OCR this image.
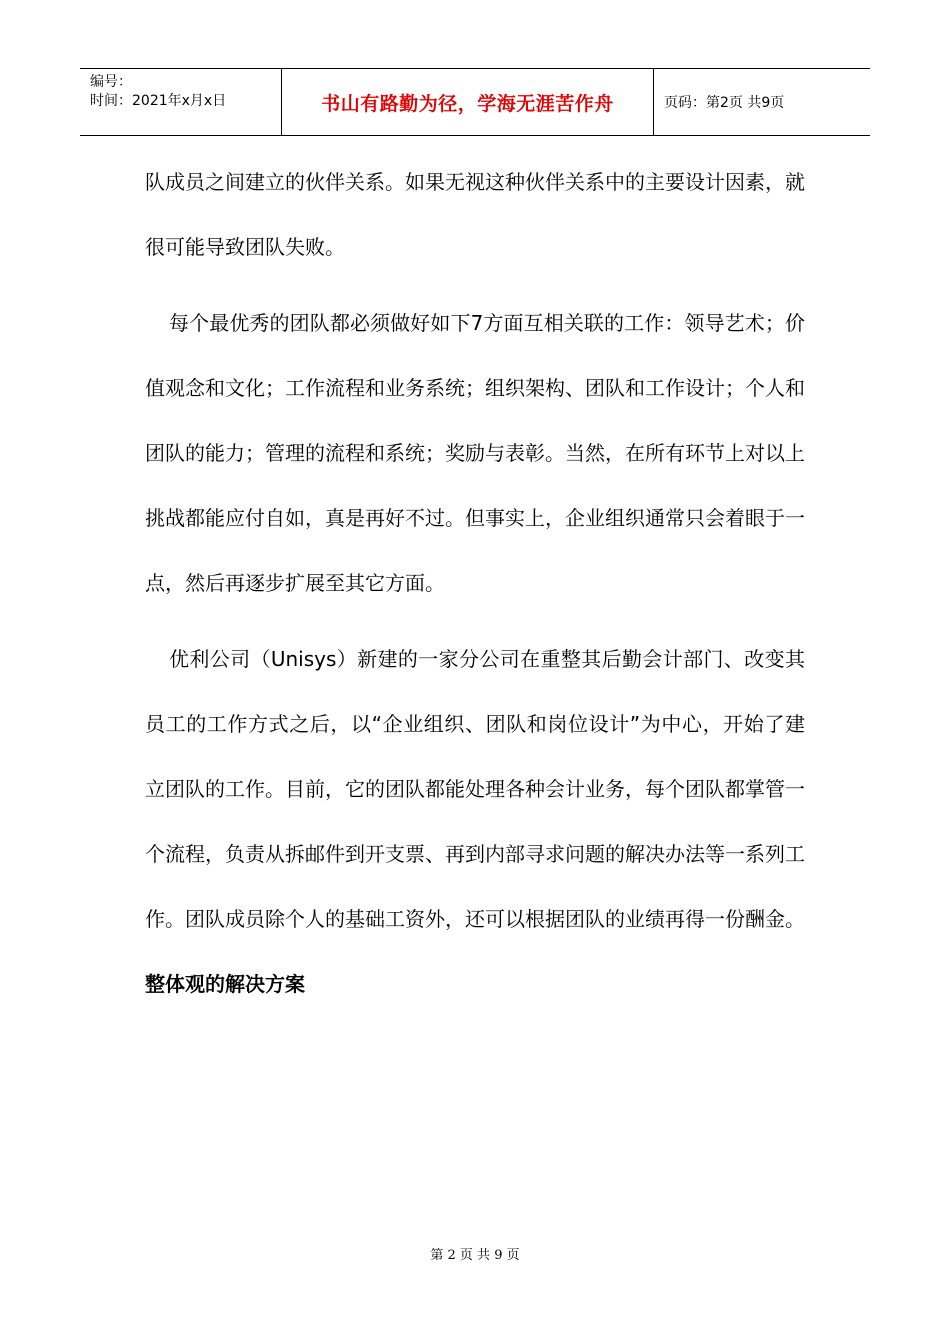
编号：
时间：2021年x月x日	书山有路勤为径，学海无涯苦作舟	页码：第2页 共9页

队成员之间建立的伙伴关系。如果无视这种伙伴关系中的主要设计因素，就很可能导致团队失败。

每个最优秀的团队都必须做好如下7方面互相关联的工作：领导艺术；价值观念和文化；工作流程和业务系统；组织架构、团队和工作设计；个人和团队的能力；管理的流程和系统；奖励与表彰。当然，在所有环节上对以上挑战都能应付自如，真是再好不过。但事实上，企业组织通常只会着眼于一点，然后再逐步扩展至其它方面。

优利公司（Unisys）新建的一家分公司在重整其后勤会计部门、改变其员工的工作方式之后，以“企业组织、团队和岗位设计”为中心，开始了建立团队的工作。目前，它的团队都能处理各种会计业务，每个团队都掌管一个流程，负责从拆邮件到开支票、再到内部寻求问题的解决办法等一系列工作。团队成员除个人的基础工资外，还可以根据团队的业绩再得一份酬金。

整体观的解决方案

第 2 页 共 9 页
